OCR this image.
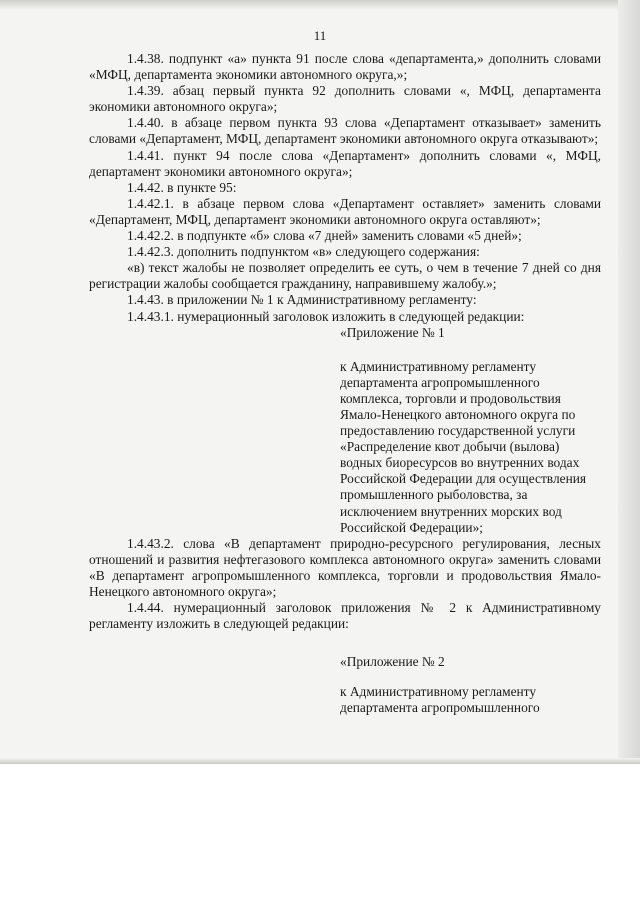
11

1.4.38. подпункт «а» пункта 91 после слова «департамента,» дополнить словами «МФЦ, департамента экономики автономного округа,»;

1.4.39. абзац первый пункта 92 дополнить словами «, МФЦ, департамента экономики автономного округа»;

1.4.40. в абзаце первом пункта 93 слова «Департамент отказывает» заменить словами «Департамент, МФЦ, департамент экономики автономного округа отказывают»;

1.4.41. пункт 94 после слова «Департамент» дополнить словами «, МФЦ, департамент экономики автономного округа»;

1.4.42. в пункте 95:

1.4.42.1. в абзаце первом слова «Департамент оставляет» заменить словами «Департамент, МФЦ, департамент экономики автономного округа оставляют»;

1.4.42.2. в подпункте «б» слова «7 дней» заменить словами «5 дней»;

1.4.42.3. дополнить подпунктом «в» следующего содержания:

«в) текст жалобы не позволяет определить ее суть, о чем в течение 7 дней со дня регистрации жалобы сообщается гражданину, направившему жалобу.»;

1.4.43. в приложении № 1 к Административному регламенту:

1.4.43.1. нумерационный заголовок изложить в следующей редакции:

«Приложение № 1

к Административному регламенту департамента агропромышленного комплекса, торговли и продовольствия Ямало-Ненецкого автономного округа по предоставлению государственной услуги «Распределение квот добычи (вылова) водных биоресурсов во внутренних водах Российской Федерации для осуществления промышленного рыболовства, за исключением внутренних морских вод Российской Федерации»;

1.4.43.2. слова «В департамент природно-ресурсного регулирования, лесных отношений и развития нефтегазового комплекса автономного округа» заменить словами «В департамент агропромышленного комплекса, торговли и продовольствия Ямало-Ненецкого автономного округа»;

1.4.44. нумерационный заголовок приложения № 2 к Административному регламенту изложить в следующей редакции:

«Приложение № 2

к Административному регламенту департамента агропромышленного
